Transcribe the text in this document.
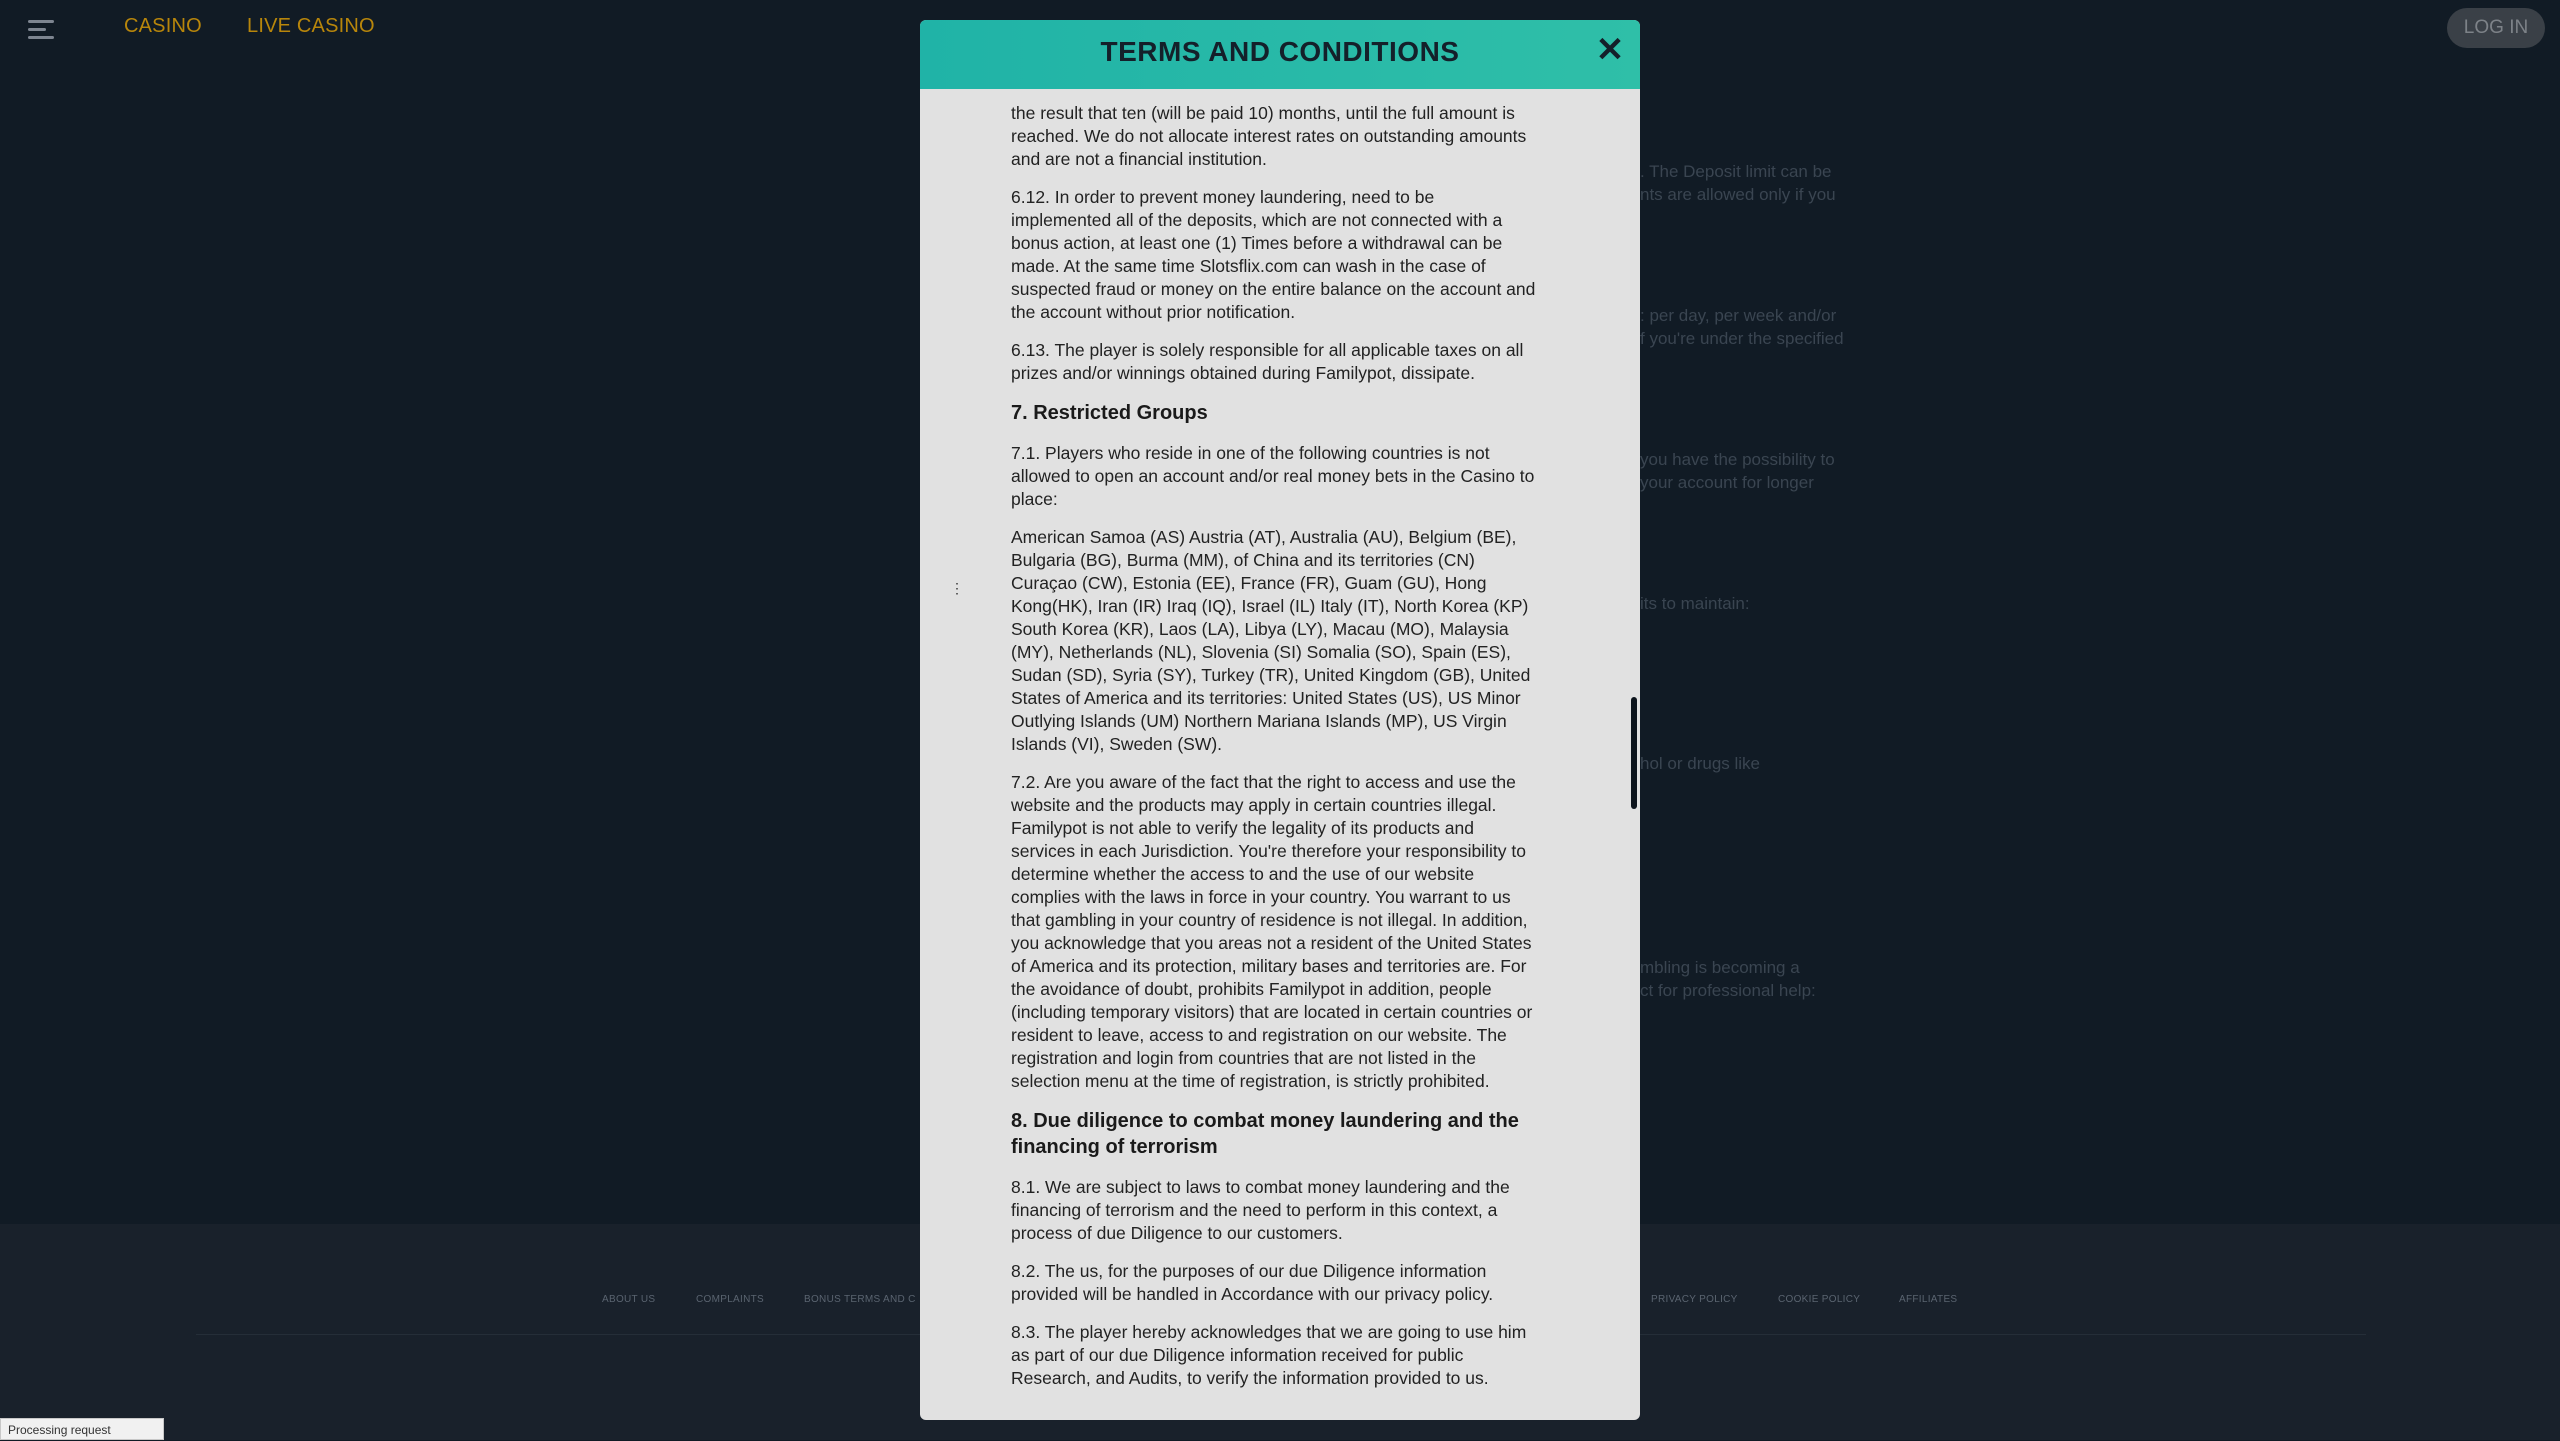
CASINO LIVE CASINO	LOG IN
. The Deposit limit can be
nts are allowed only if you
: per day, per week and/or
f you're under the specified
you have the possibility to
your account for longer
its to maintain:
hol or drugs like
mbling is becoming a
ct for professional help:
ABOUT US	COMPLAINTS	BONUS TERMS AND C	PRIVACY POLICY	COOKIE POLICY	AFFILIATES
Processing request
TERMS AND CONDITIONS	✕
⋮

the result that ten (will be paid 10) months, until the full amount is reached. We do not allocate interest rates on outstanding amounts and are not a financial institution.

6.12. In order to prevent money laundering, need to be implemented all of the deposits, which are not connected with a bonus action, at least one (1) Times before a withdrawal can be made. At the same time Slotsflix.com can wash in the case of suspected fraud or money on the entire balance on the account and the account without prior notification.

6.13. The player is solely responsible for all applicable taxes on all prizes and/or winnings obtained during Familypot, dissipate.

7. Restricted Groups

7.1. Players who reside in one of the following countries is not allowed to open an account and/or real money bets in the Casino to place:

American Samoa (AS) Austria (AT), Australia (AU), Belgium (BE), Bulgaria (BG), Burma (MM), of China and its territories (CN) Curaçao (CW), Estonia (EE), France (FR), Guam (GU), Hong Kong(HK), Iran (IR) Iraq (IQ), Israel (IL) Italy (IT), North Korea (KP) South Korea (KR), Laos (LA), Libya (LY), Macau (MO), Malaysia (MY), Netherlands (NL), Slovenia (SI) Somalia (SO), Spain (ES), Sudan (SD), Syria (SY), Turkey (TR), United Kingdom (GB), United States of America and its territories: United States (US), US Minor Outlying Islands (UM) Northern Mariana Islands (MP), US Virgin Islands (VI), Sweden (SW).

7.2. Are you aware of the fact that the right to access and use the website and the products may apply in certain countries illegal. Familypot is not able to verify the legality of its products and services in each Jurisdiction. You're therefore your responsibility to determine whether the access to and the use of our website complies with the laws in force in your country. You warrant to us that gambling in your country of residence is not illegal. In addition, you acknowledge that you areas not a resident of the United States of America and its protection, military bases and territories are. For the avoidance of doubt, prohibits Familypot in addition, people (including temporary visitors) that are located in certain countries or resident to leave, access to and registration on our website. The registration and login from countries that are not listed in the selection menu at the time of registration, is strictly prohibited.

8. Due diligence to combat money laundering and the financing of terrorism

8.1. We are subject to laws to combat money laundering and the financing of terrorism and the need to perform in this context, a process of due Diligence to our customers.

8.2. The us, for the purposes of our due Diligence information provided will be handled in Accordance with our privacy policy.

8.3. The player hereby acknowledges that we are going to use him as part of our due Diligence information received for public Research, and Audits, to verify the information provided to us.
